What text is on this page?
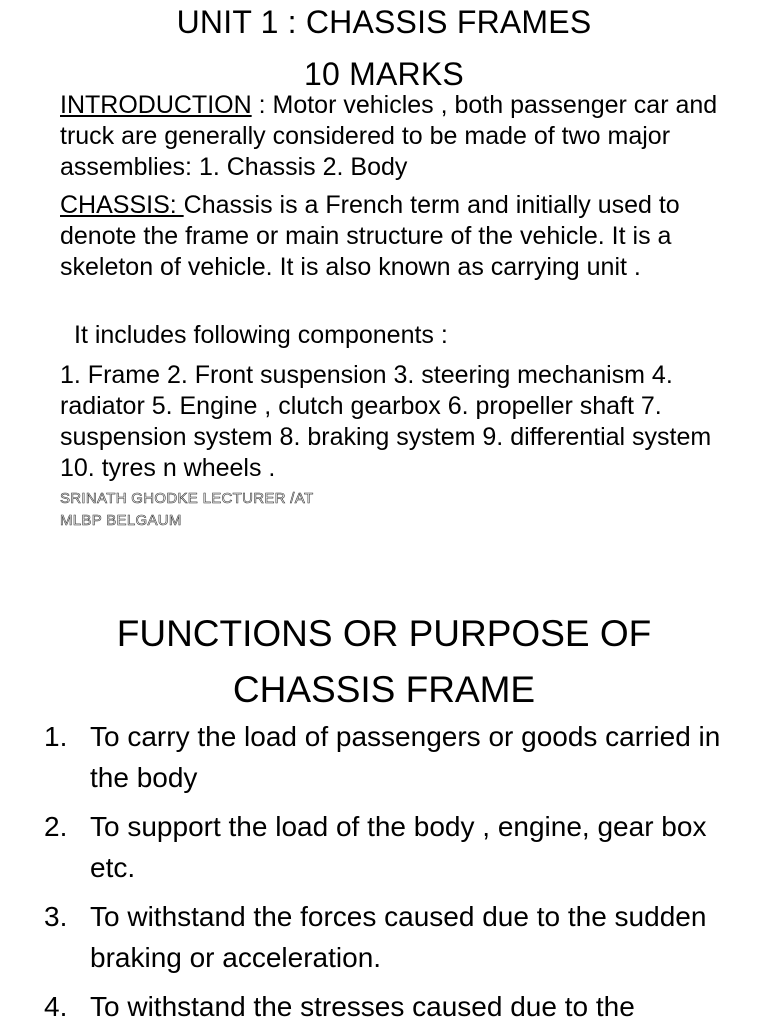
UNIT 1 : CHASSIS FRAMES
10 MARKS

INTRODUCTION : Motor vehicles , both passenger car and truck are generally considered to be made of two major assemblies: 1. Chassis 2. Body

CHASSIS: Chassis is a French term and initially used to denote the frame or main structure of the vehicle. It is a skeleton of vehicle. It is also known as carrying unit .

It includes following components :

1. Frame 2. Front suspension 3. steering mechanism 4. radiator 5. Engine , clutch gearbox 6. propeller shaft 7. suspension system 8. braking system 9. differential system 10. tyres n wheels .

SRINATH GHODKE LECTURER /AT
MLBP BELGAUM
FUNCTIONS OR PURPOSE OF
CHASSIS FRAME
1. To carry the load of passengers or goods carried in the body
2. To support the load of the body , engine, gear box etc.
3. To withstand the forces caused due to the sudden braking or acceleration.
4. To withstand the stresses caused due to the
